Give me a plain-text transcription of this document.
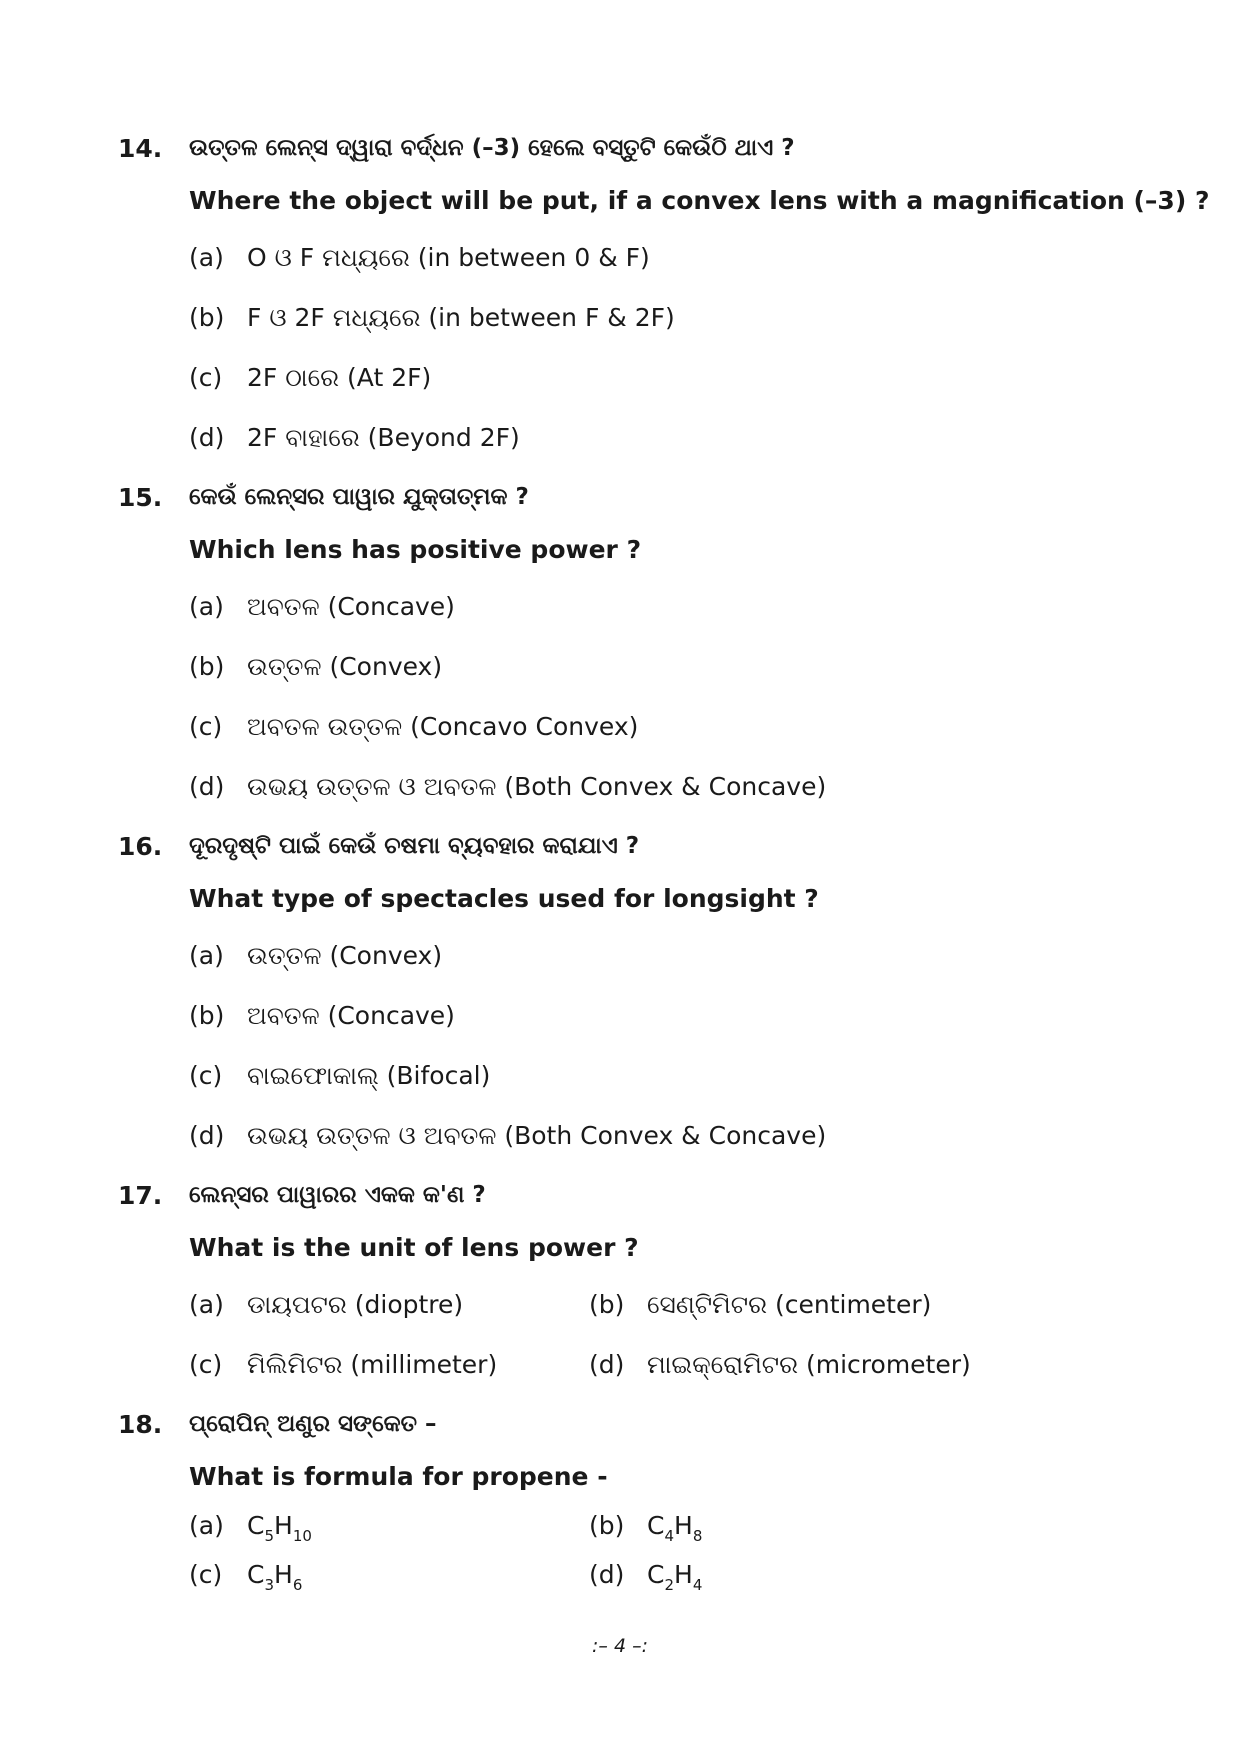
14. ଉତ୍ତଳ ଲେନ୍ସ ଦ୍ୱାରା ବର୍ଦ୍ଧନ (–3) ହେଲେ ବସ୍ତୁଟି କେଉଁଠି ଥାଏ ?
Where the object will be put, if a convex lens with a magnification (–3) ?
(a) O ଓ F ମଧ୍ୟରେ (in between 0 & F)
(b) F ଓ 2F ମଧ୍ୟରେ (in between F & 2F)
(c) 2F ଠାରେ (At 2F)
(d) 2F ବାହାରେ (Beyond 2F)
15. କେଉଁ ଲେନ୍ସର ପାୱାର ଯୁକ୍ତାତ୍ମକ ?
Which lens has positive power ?
(a) ଅବତଳ (Concave)
(b) ଉତ୍ତଳ (Convex)
(c) ଅବତଳ ଉତ୍ତଳ (Concavo Convex)
(d) ଉଭୟ ଉତ୍ତଳ ଓ ଅବତଳ (Both Convex & Concave)
16. ଦୂରଦୃଷ୍ଟି ପାଇଁ କେଉଁ ଚଷମା ବ୍ୟବହାର କରାଯାଏ ?
What type of spectacles used for longsight ?
(a) ଉତ୍ତଳ (Convex)
(b) ଅବତଳ (Concave)
(c) ବାଇଫୋକାଲ୍ (Bifocal)
(d) ଉଭୟ ଉତ୍ତଳ ଓ ଅବତଳ (Both Convex & Concave)
17. ଲେନ୍ସର ପାୱାରର ଏକକ କ'ଣ ?
What is the unit of lens power ?
(a) ଡାୟପଟର (dioptre)	(b) ସେଣ୍ଟିମିଟର (centimeter)
(c) ମିଲିମିଟର (millimeter)	(d) ମାଇକ୍ରୋମିଟର (micrometer)
18. ପ୍ରୋପିନ୍ ଅଣୁର ସଙ୍କେତ –
What is formula for propene -
(a) $C_5H_{10}$	(b) $C_4H_8$
(c) $C_3H_6$	(d) $C_2H_4$
:– 4 –:
